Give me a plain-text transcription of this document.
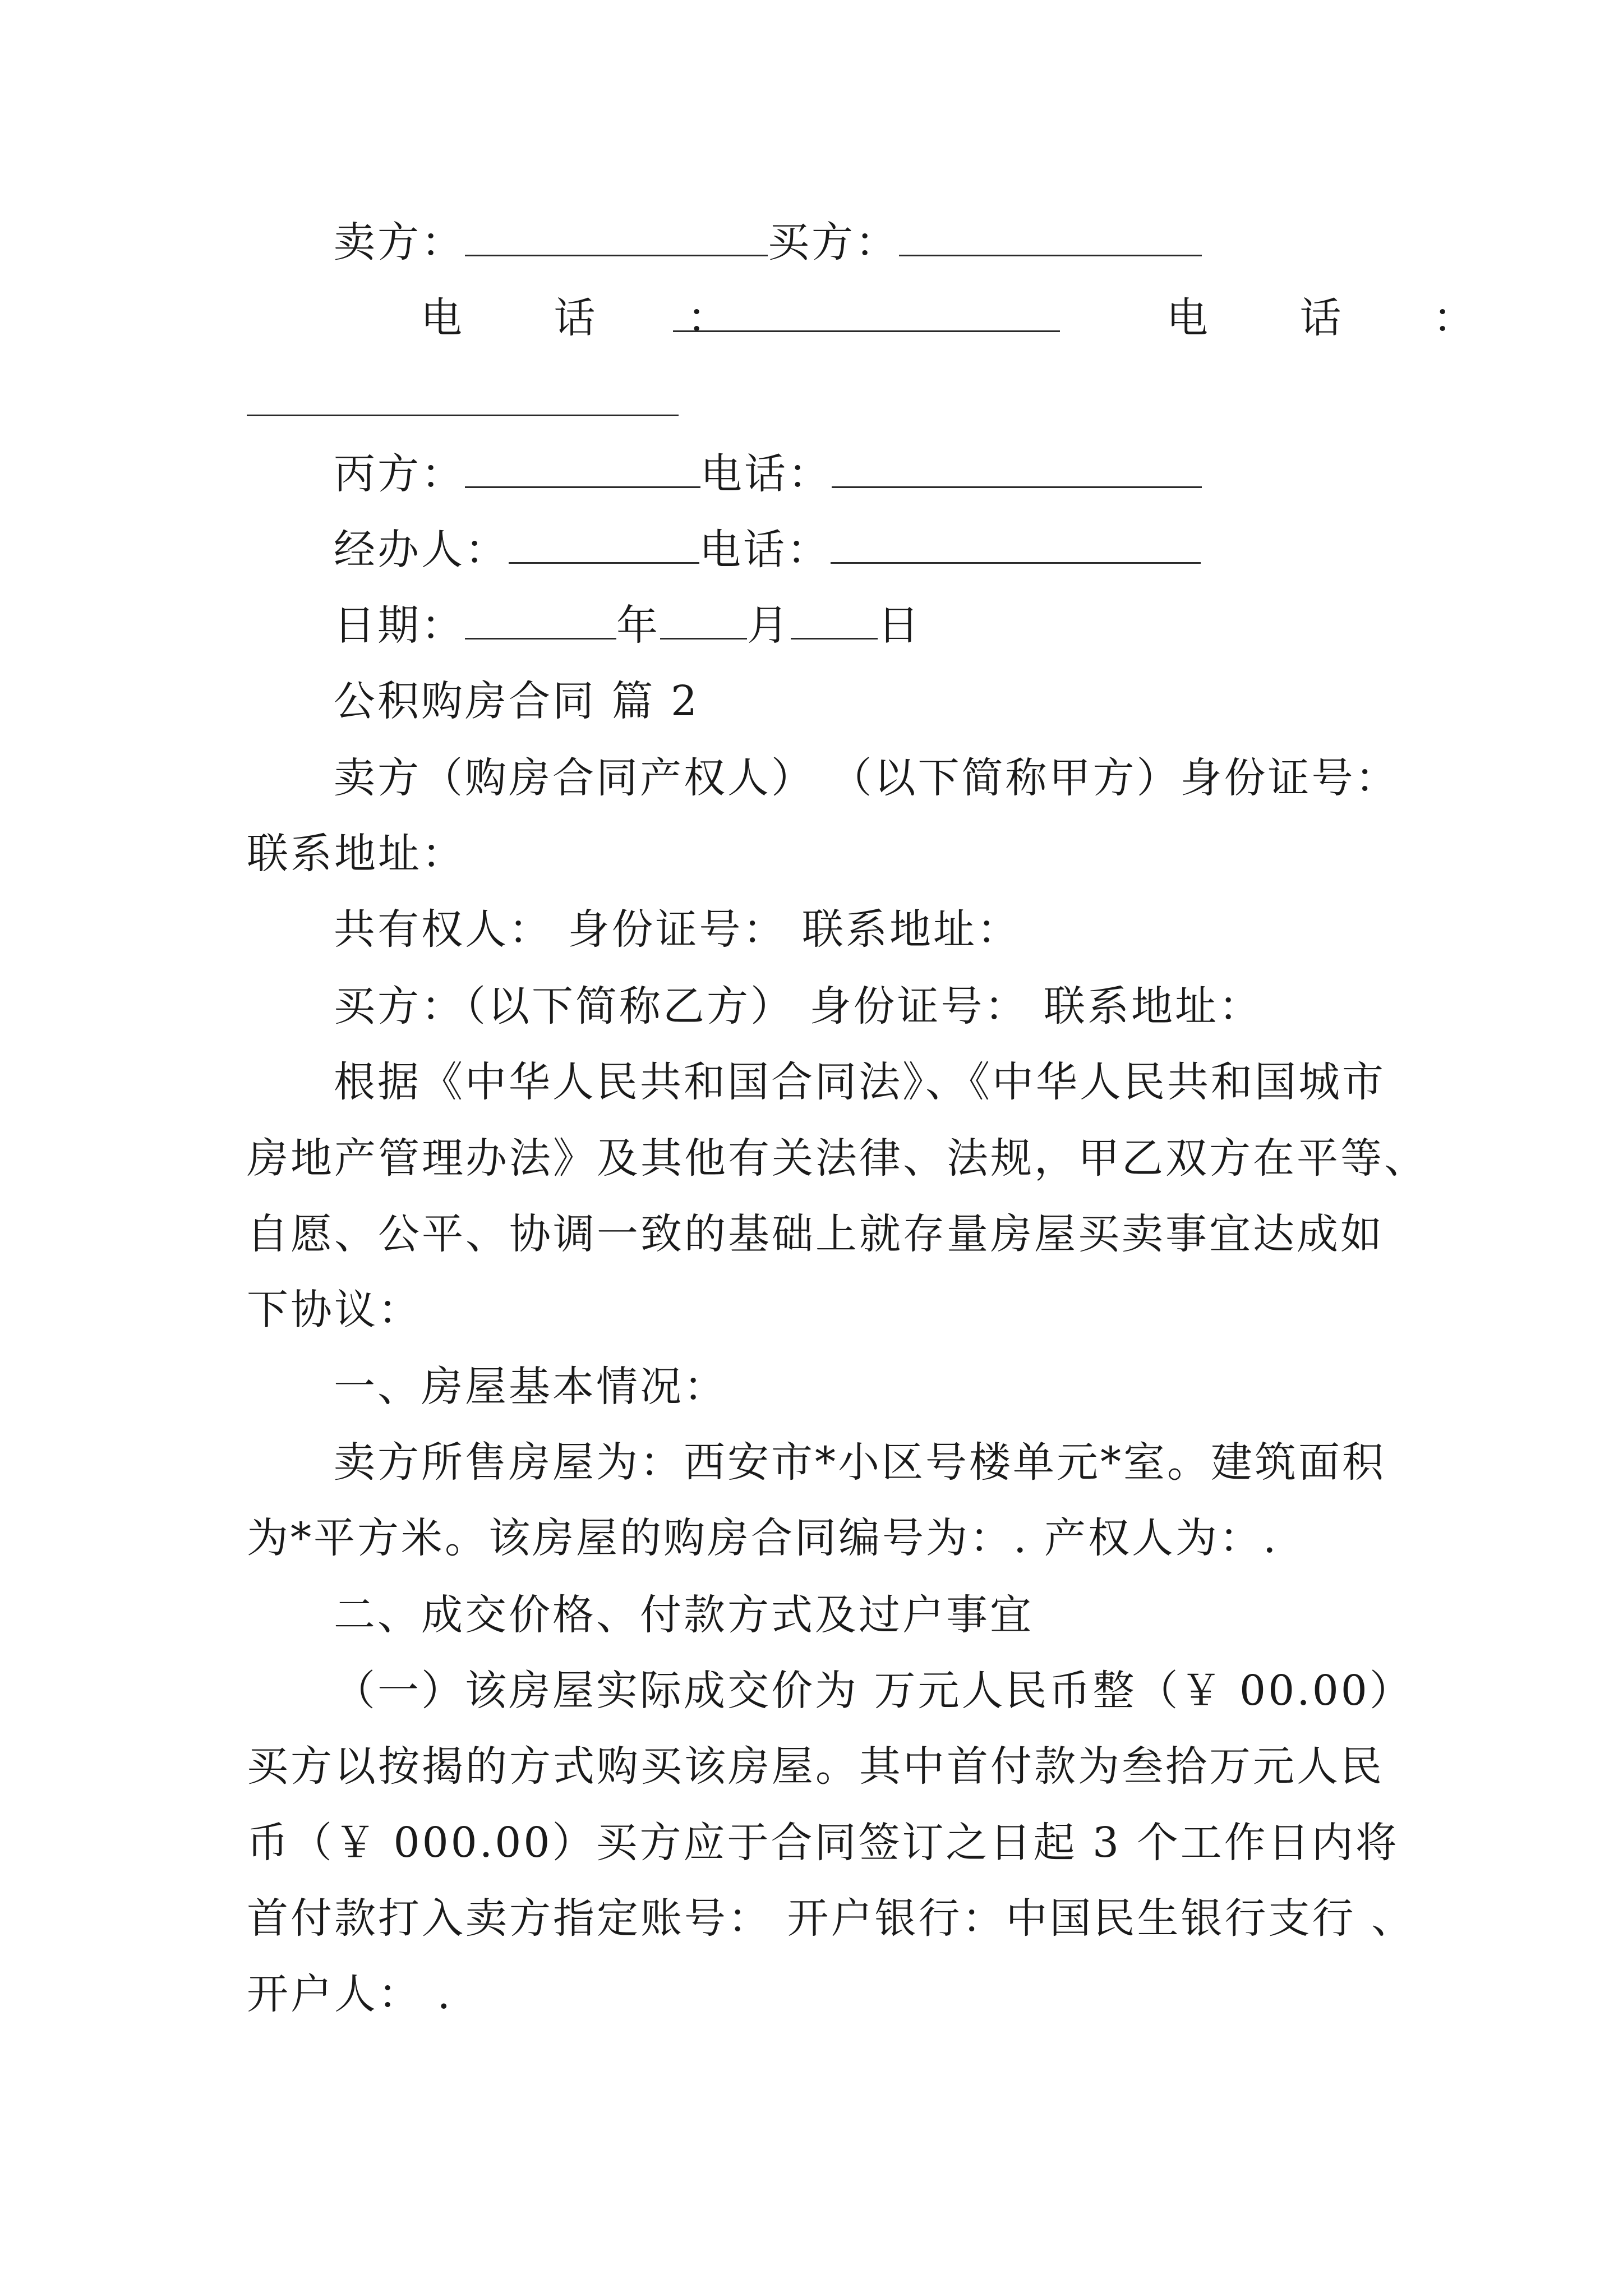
卖方：	买方：
电 话 ：	电 话 ：
丙方：	电话：
经办人：	电话：
日期：	年 月 日
公积购房合同 篇 2
卖方（购房合同产权人） （以下简称甲方）身份证号：
联系地址：
共有权人： 身份证号： 联系地址：
买方：（以下简称乙方） 身份证号： 联系地址：
根据《中华人民共和国合同法》、《中华人民共和国城市
房地产管理办法》及其他有关法律、法规，甲乙双方在平等、
自愿、公平、协调一致的基础上就存量房屋买卖事宜达成如
下协议：
一、房屋基本情况：
卖方所售房屋为：西安市*小区号楼单元*室。建筑面积
为*平方米。该房屋的购房合同编号为：. 产权人为：.
二、成交价格、付款方式及过户事宜
（一）该房屋实际成交价为 万元人民币整（￥ 00.00）
买方以按揭的方式购买该房屋。其中首付款为叁拾万元人民
币（￥ 000.00）买方应于合同签订之日起 3 个工作日内将
首付款打入卖方指定账号： 开户银行：中国民生银行支行 、
开户人： .
